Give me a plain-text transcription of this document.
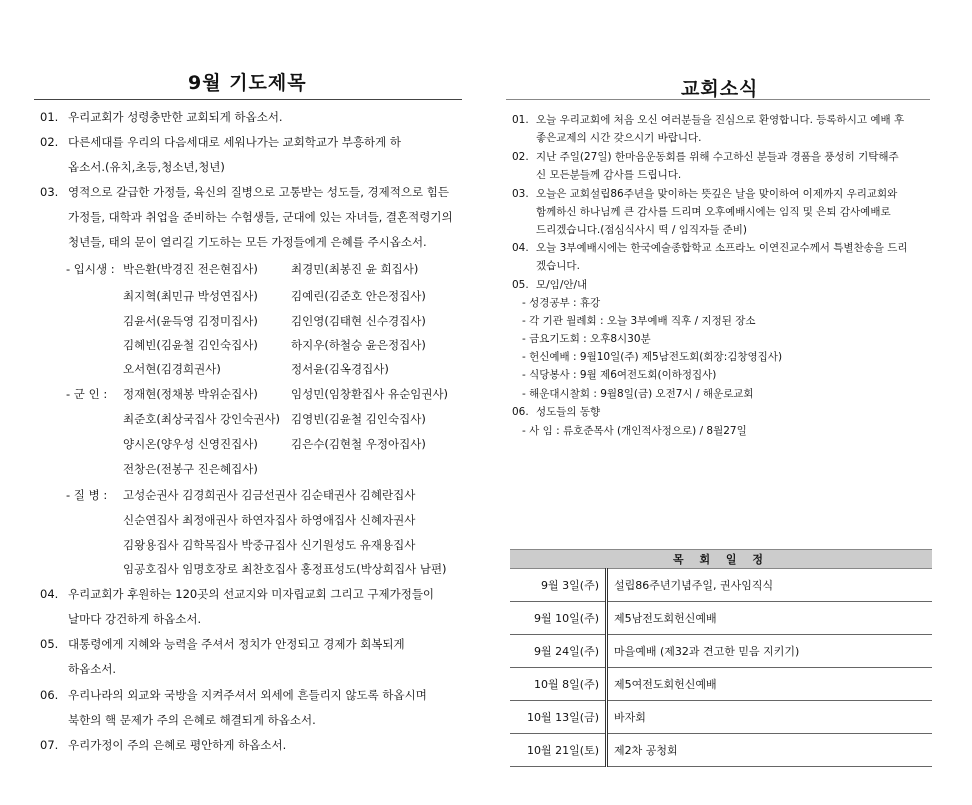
9월 기도제목
01. 우리교회가 성령충만한 교회되게 하옵소서.
02. 다른세대를 우리의 다음세대로 세워나가는 교회학교가 부흥하게 하
옵소서.(유치,초등,청소년,청년)
03. 영적으로 갈급한 가정들, 육신의 질병으로 고통받는 성도들, 경제적으로 힘든
가정들, 대학과 취업을 준비하는 수험생들, 군대에 있는 자녀들, 결혼적령기의
청년들, 태의 문이 열리길 기도하는 모든 가정들에게 은혜를 주시옵소서.
- 입시생 : 박은환(박경진 전은현집사)	최경민(최봉진 윤 희집사)
최지혁(최민규 박성연집사)	김예린(김준호 안은정집사)
김윤서(윤득영 김정미집사)	김인영(김태현 신수경집사)
김혜빈(김윤철 김인숙집사)	하지우(하철승 윤은정집사)
오서현(김경희권사)	정서윤(김옥경집사)
- 군 인 : 정재현(정채봉 박위순집사)	임성민(임창환집사 유순임권사)
최준호(최상국집사 강인숙권사) 김영빈(김윤철 김인숙집사)
양시온(양우성 신영진집사)	김은수(김현철 우정아집사)
전창은(전봉구 진은혜집사)
- 질 병 : 고성순권사 김경희권사 김금선권사 김순태권사 김혜란집사
신순연집사 최정애권사 하연자집사 하영애집사 신혜자권사
김왕용집사 김학목집사 박중규집사 신기원성도 유재용집사
임공호집사 임명호장로 최찬호집사 홍정표성도(박상희집사 남편)
04. 우리교회가 후원하는 120곳의 선교지와 미자립교회 그리고 구제가정들이
날마다 강건하게 하옵소서.
05. 대통령에게 지혜와 능력을 주셔서 정치가 안정되고 경제가 회복되게
하옵소서.
06. 우리나라의 외교와 국방을 지켜주셔서 외세에 흔들리지 않도록 하옵시며
북한의 핵 문제가 주의 은혜로 해결되게 하옵소서.
07. 우리가정이 주의 은혜로 평안하게 하옵소서.
교회소식
01. 오늘 우리교회에 처음 오신 여러분들을 진심으로 환영합니다. 등록하시고 예배 후
좋은교제의 시간 갖으시기 바랍니다.
02. 지난 주일(27일) 한마음운동회를 위해 수고하신 분들과 경품을 풍성히 기탁해주
신 모든분들께 감사를 드립니다.
03. 오늘은 교회설립86주년을 맞이하는 뜻깊은 날을 맞이하여 이제까지 우리교회와
함께하신 하나님께 큰 감사를 드리며 오후예배시에는 임직 및 은퇴 감사예배로
드리겠습니다.(점심식사시 떡 / 임직자들 준비)
04. 오늘 3부예배시에는 한국예술종합학교 소프라노 이연진교수께서 특별찬송을 드리
겠습니다.
05. 모/임/안/내
- 성경공부 : 휴강
- 각 기관 월례회 : 오늘 3부예배 직후 / 지정된 장소
- 금요기도회 : 오후8시30분
- 헌신예배 : 9월10일(주) 제5남전도회(회장:김창영집사)
- 식당봉사 : 9월 제6여전도회(이하정집사)
- 해운대시찰회 : 9월8일(금) 오전7시 / 해운로교회
06. 성도들의 동향
- 사 임 : 류호준목사 (개인적사정으로) / 8월27일
목 회 일 정	
9월 3일(주)	설립86주년기념주일, 권사임직식
9월 10일(주)	제5남전도회헌신예배
9월 24일(주)	마을예배 (제32과 견고한 믿음 지키기)
10월 8일(주)	제5여전도회헌신예배
10월 13일(금)	바자회
10월 21일(토)	제2차 공청회
